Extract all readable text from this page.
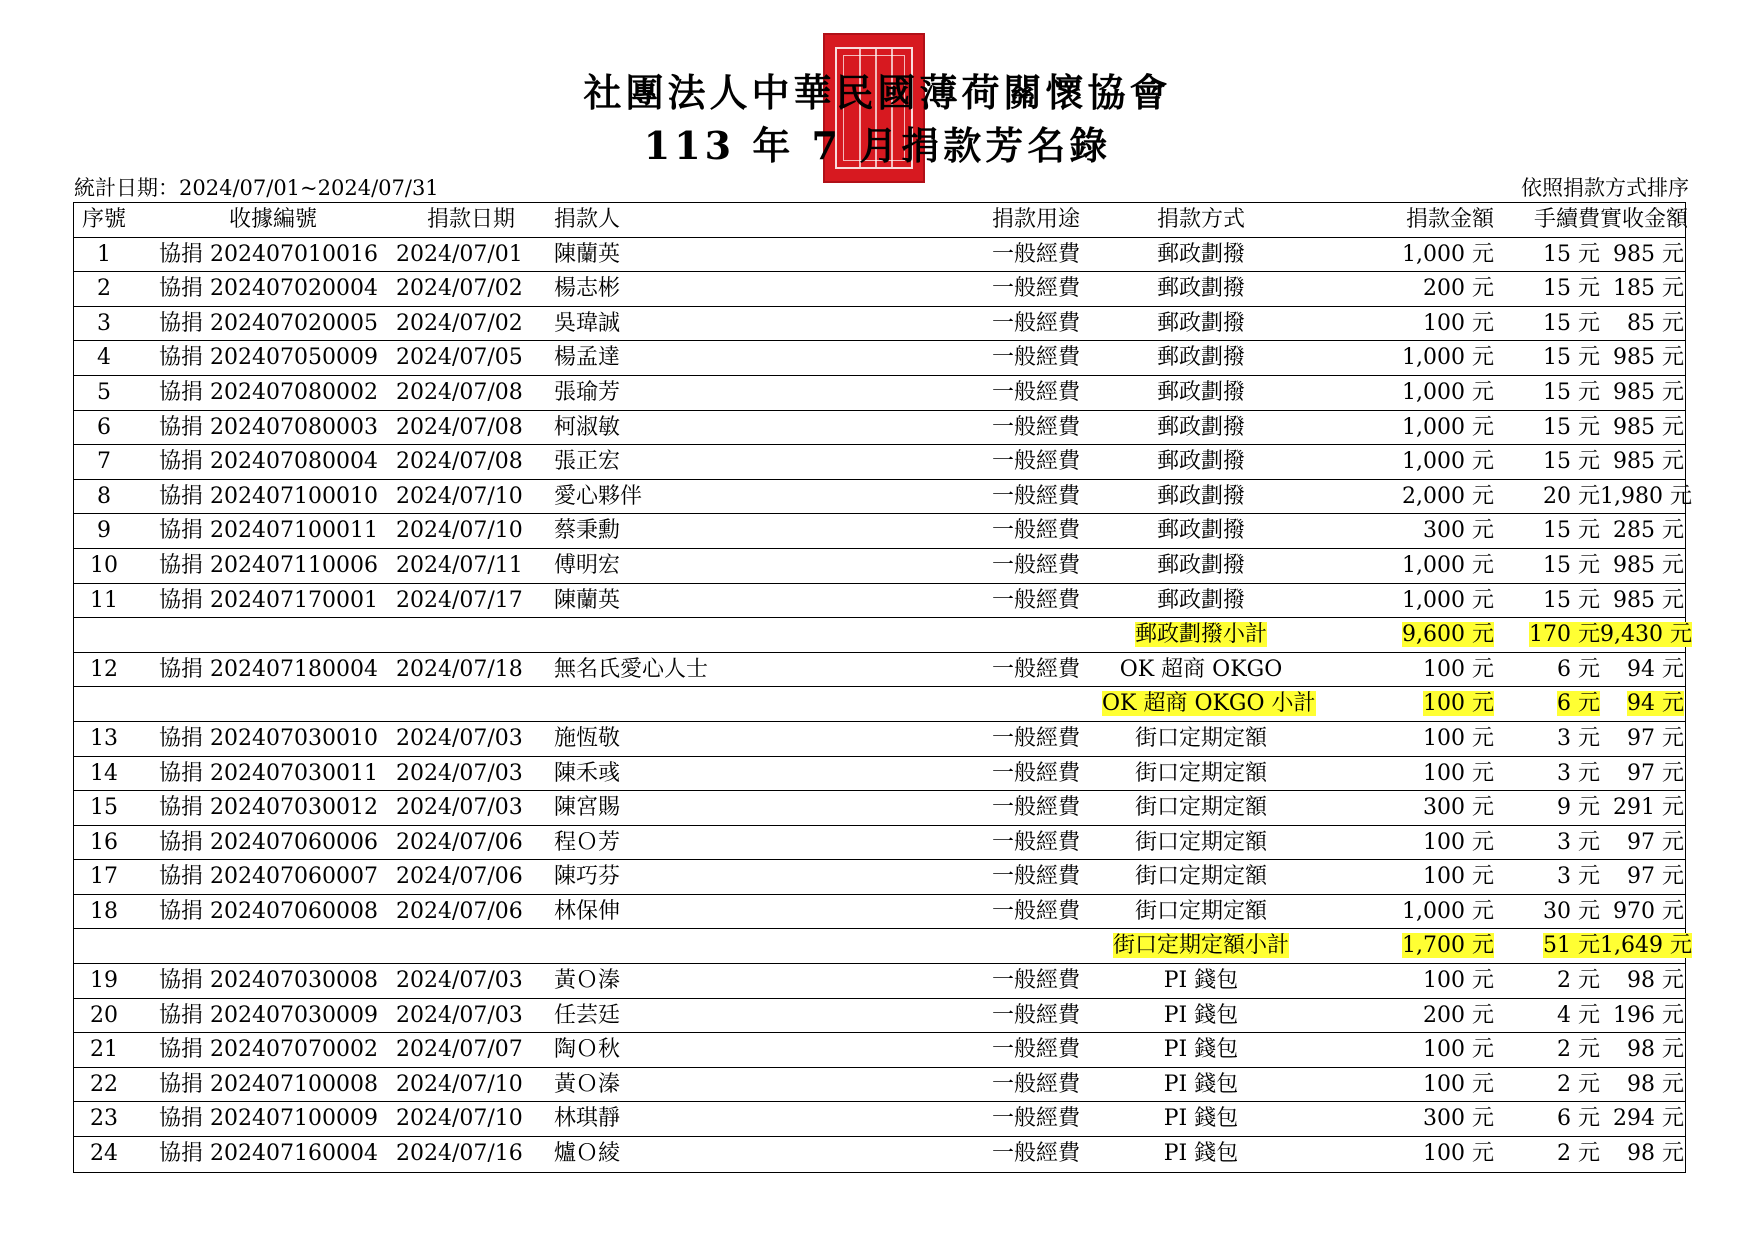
社團法人中華民國薄荷關懷協會
113 年 7 月捐款芳名錄
統計日期：2024/07/01~2024/07/31	依照捐款方式排序
序號	收據編號	捐款日期	捐款人	捐款用途	捐款方式	捐款金額	手續費 實收金額
1	協捐 202407010016 2024/07/01 陳蘭英	一般經費	郵政劃撥	1,000 元	15 元 985 元
2	協捐 202407020004 2024/07/02 楊志彬	一般經費	郵政劃撥	200 元	15 元 185 元
3	協捐 202407020005 2024/07/02 吳瑋誠	一般經費	郵政劃撥	100 元	15 元	85 元
4	協捐 202407050009 2024/07/05 楊孟達	一般經費	郵政劃撥	1,000 元	15 元 985 元
5	協捐 202407080002 2024/07/08 張瑜芳	一般經費	郵政劃撥	1,000 元	15 元 985 元
6	協捐 202407080003 2024/07/08 柯淑敏	一般經費	郵政劃撥	1,000 元	15 元 985 元
7	協捐 202407080004 2024/07/08 張正宏	一般經費	郵政劃撥	1,000 元	15 元 985 元
8	協捐 202407100010 2024/07/10 愛心夥伴	一般經費	郵政劃撥	2,000 元	20 元 1,980 元
9	協捐 202407100011 2024/07/10 蔡秉勳	一般經費	郵政劃撥	300 元	15 元 285 元
10	協捐 202407110006 2024/07/11 傅明宏	一般經費	郵政劃撥	1,000 元	15 元 985 元
11	協捐 202407170001 2024/07/17 陳蘭英	一般經費	郵政劃撥	1,000 元	15 元 985 元
郵政劃撥小計	9,600 元	170 元 9,430 元
12	協捐 202407180004 2024/07/18 無名氏愛心人士	一般經費	OK 超商 OKGO	100 元	6 元	94 元
OK 超商 OKGO 小計	100 元	6 元	94 元
13	協捐 202407030010 2024/07/03 施恆敬	一般經費	街口定期定額	100 元	3 元	97 元
14	協捐 202407030011 2024/07/03 陳禾彧	一般經費	街口定期定額	100 元	3 元	97 元
15	協捐 202407030012 2024/07/03 陳宮賜	一般經費	街口定期定額	300 元	9 元 291 元
16	協捐 202407060006 2024/07/06 程Ｏ芳	一般經費	街口定期定額	100 元	3 元	97 元
17	協捐 202407060007 2024/07/06 陳巧芬	一般經費	街口定期定額	100 元	3 元	97 元
18	協捐 202407060008 2024/07/06 林保伸	一般經費	街口定期定額	1,000 元	30 元 970 元
街口定期定額小計	1,700 元	51 元 1,649 元
19	協捐 202407030008 2024/07/03 黃Ｏ溱	一般經費	PI 錢包	100 元	2 元	98 元
20	協捐 202407030009 2024/07/03 任芸廷	一般經費	PI 錢包	200 元	4 元 196 元
21	協捐 202407070002 2024/07/07 陶Ｏ秋	一般經費	PI 錢包	100 元	2 元	98 元
22	協捐 202407100008 2024/07/10 黃Ｏ溱	一般經費	PI 錢包	100 元	2 元	98 元
23	協捐 202407100009 2024/07/10 林琪靜	一般經費	PI 錢包	300 元	6 元 294 元
24	協捐 202407160004 2024/07/16 爐Ｏ綾	一般經費	PI 錢包	100 元	2 元	98 元
